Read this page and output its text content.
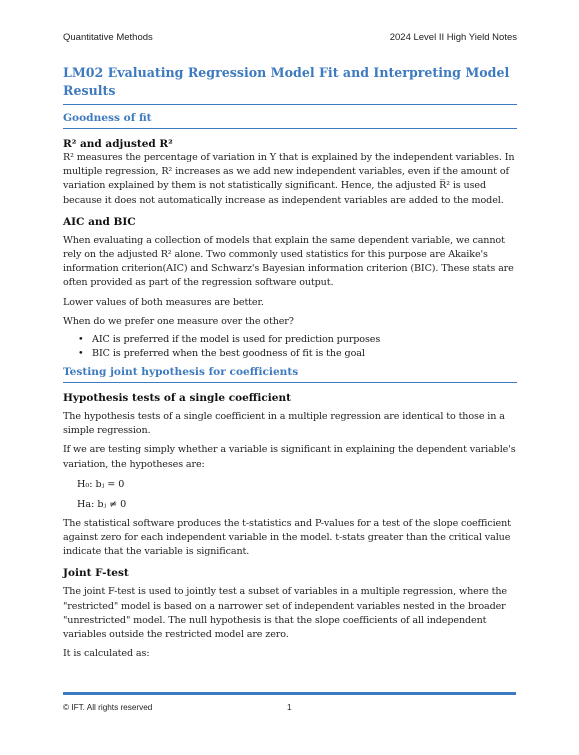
Quantitative Methods	2024 Level II High Yield Notes
LM02 Evaluating Regression Model Fit and Interpreting Model Results
Goodness of fit
R² and adjusted R²

R² measures the percentage of variation in Y that is explained by the independent variables. In multiple regression, R² increases as we add new independent variables, even if the amount of variation explained by them is not statistically significant. Hence, the adjusted R̅² is used because it does not automatically increase as independent variables are added to the model.

AIC and BIC

When evaluating a collection of models that explain the same dependent variable, we cannot rely on the adjusted R² alone. Two commonly used statistics for this purpose are Akaike's information criterion(AIC) and Schwarz's Bayesian information criterion (BIC). These stats are often provided as part of the regression software output.

Lower values of both measures are better.

When do we prefer one measure over the other?

• AIC is preferred if the model is used for prediction purposes
• BIC is preferred when the best goodness of fit is the goal
Testing joint hypothesis for coefficients
Hypothesis tests of a single coefficient

The hypothesis tests of a single coefficient in a multiple regression are identical to those in a simple regression.

If we are testing simply whether a variable is significant in explaining the dependent variable's variation, the hypotheses are:

H₀: bⱼ = 0
Ha: bⱼ ≠ 0

The statistical software produces the t-statistics and P-values for a test of the slope coefficient against zero for each independent variable in the model. t-stats greater than the critical value indicate that the variable is significant.

Joint F-test

The joint F-test is used to jointly test a subset of variables in a multiple regression, where the "restricted" model is based on a narrower set of independent variables nested in the broader "unrestricted" model. The null hypothesis is that the slope coefficients of all independent variables outside the restricted model are zero.

It is calculated as:

© IFT. All rights reserved	1
